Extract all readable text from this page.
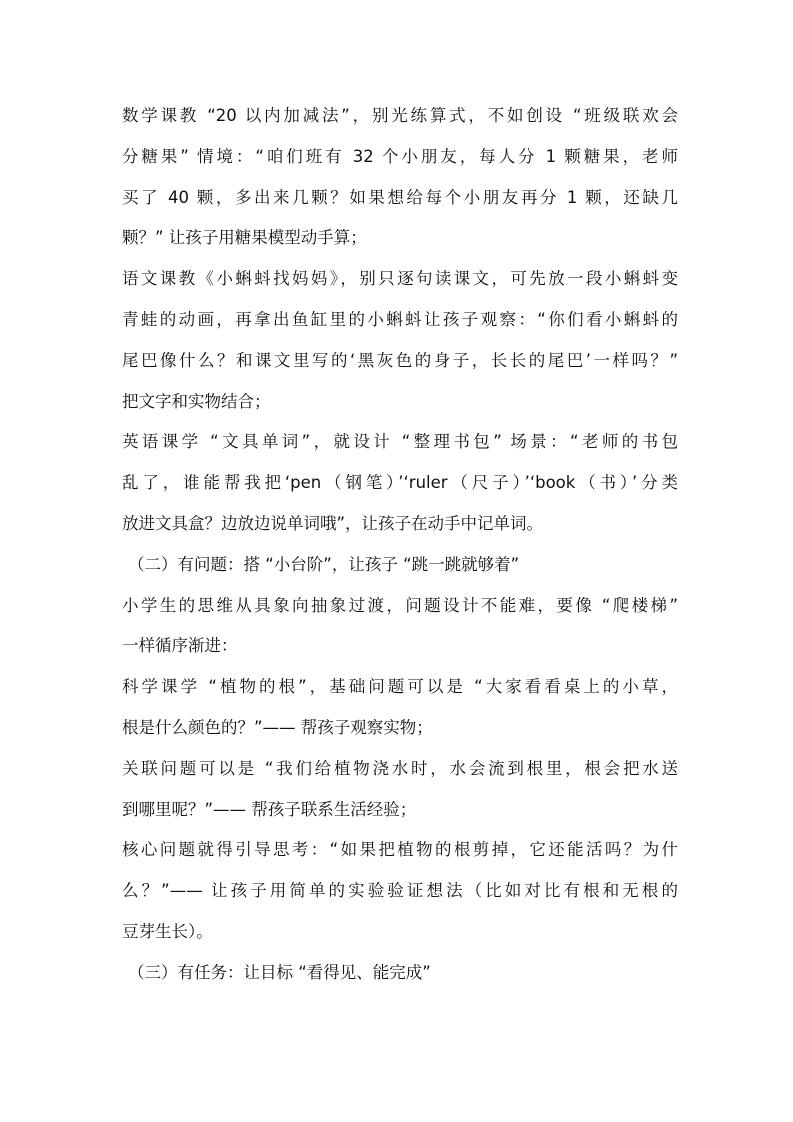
数学课教 “20 以内加减法”，别光练算式，不如创设 “班级联欢会
分糖果” 情境：“咱们班有 32 个小朋友，每人分 1 颗糖果，老师
买了 40 颗，多出来几颗？如果想给每个小朋友再分 1 颗，还缺几
颗？” 让孩子用糖果模型动手算；
语文课教《小蝌蚪找妈妈》，别只逐句读课文，可先放一段小蝌蚪变
青蛙的动画，再拿出鱼缸里的小蝌蚪让孩子观察：“你们看小蝌蚪的
尾巴像什么？和课文里写的‘黑灰色的身子，长长的尾巴’一样吗？”
把文字和实物结合；
英语课学 “文具单词”，就设计 “整理书包” 场景：“老师的书包
乱了，谁能帮我把‘pen（钢笔）’‘ruler（尺子）’‘book（书）’分类
放进文具盒？边放边说单词哦”，让孩子在动手中记单词。
（二）有问题：搭 “小台阶”，让孩子 “跳一跳就够着”
小学生的思维从具象向抽象过渡，问题设计不能难，要像 “爬楼梯”
一样循序渐进：
科学课学 “植物的根”，基础问题可以是 “大家看看桌上的小草，
根是什么颜色的？”—— 帮孩子观察实物；
关联问题可以是 “我们给植物浇水时，水会流到根里，根会把水送
到哪里呢？”—— 帮孩子联系生活经验；
核心问题就得引导思考：“如果把植物的根剪掉，它还能活吗？为什
么？”—— 让孩子用简单的实验验证想法（比如对比有根和无根的
豆芽生长）。
（三）有任务：让目标 “看得见、能完成”
